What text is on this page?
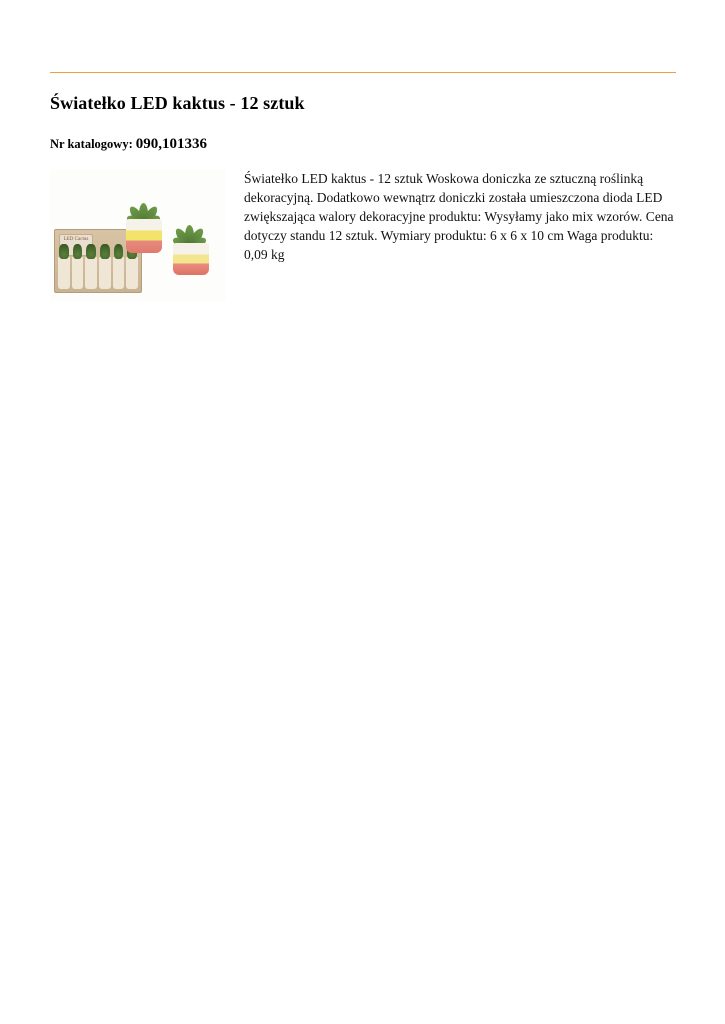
Światełko LED kaktus - 12 sztuk
Nr katalogowy: 090,101336
LED Cactus
Światełko LED kaktus - 12 sztuk Woskowa doniczka ze sztuczną roślinką dekoracyjną. Dodatkowo wewnątrz doniczki została umieszczona dioda LED zwiększająca walory dekoracyjne produktu: Wysyłamy jako mix wzorów. Cena dotyczy standu 12 sztuk. Wymiary produktu: 6 x 6 x 10 cm Waga produktu: 0,09 kg
